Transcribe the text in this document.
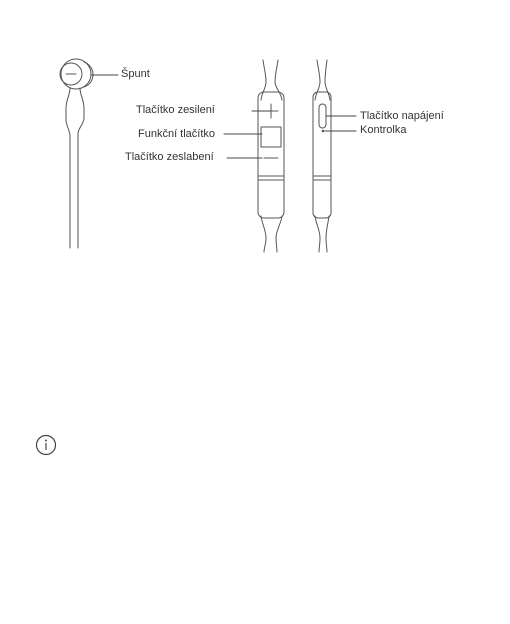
Špunt
Tlačítko zesilení
Funkční tlačítko
Tlačítko zeslabení
Tlačítko napájení
Kontrolka
